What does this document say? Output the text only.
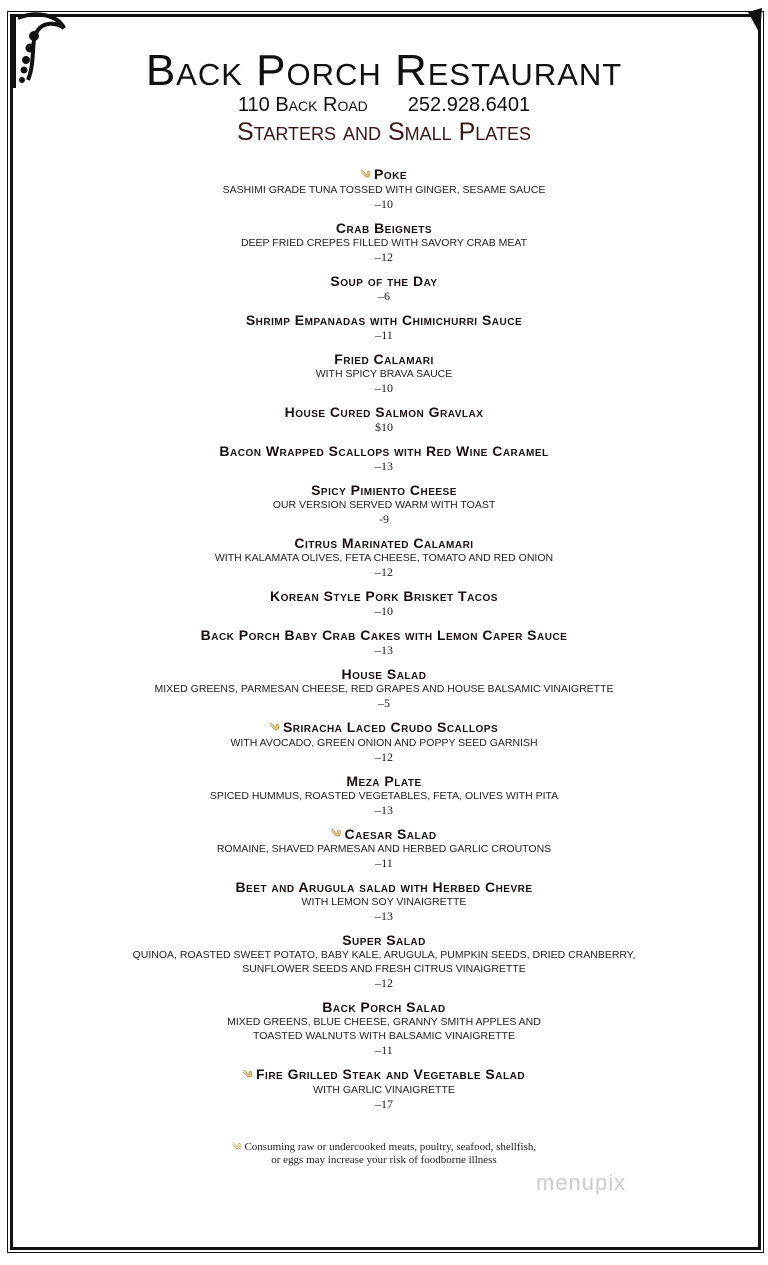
Back Porch Restaurant
110 Back Road 252.928.6401
Starters and Small Plates
༄ Poke
SASHIMI GRADE TUNA TOSSED WITH GINGER, SESAME SAUCE
–10
Crab Beignets
DEEP FRIED CREPES FILLED WITH SAVORY CRAB MEAT
–12
Soup of the Day
–6
Shrimp Empanadas with Chimichurri Sauce
–11
Fried Calamari
WITH SPICY BRAVA SAUCE
–10
House Cured Salmon Gravlax
$10
Bacon Wrapped Scallops with Red Wine Caramel
–13
Spicy Pimiento Cheese
OUR VERSION SERVED WARM WITH TOAST
-9
Citrus Marinated Calamari
WITH KALAMATA OLIVES, FETA CHEESE, TOMATO AND RED ONION
–12
Korean Style Pork Brisket Tacos
–10
Back Porch Baby Crab Cakes with Lemon Caper Sauce
–13
House Salad
MIXED GREENS, PARMESAN CHEESE, RED GRAPES AND HOUSE BALSAMIC VINAIGRETTE
–5
༄ Sriracha Laced Crudo Scallops
WITH AVOCADO, GREEN ONION AND POPPY SEED GARNISH
–12
Meza Plate
SPICED HUMMUS, ROASTED VEGETABLES, FETA, OLIVES WITH PITA
–13
༄ Caesar Salad
ROMAINE, SHAVED PARMESAN AND HERBED GARLIC CROUTONS
–11
Beet and Arugula salad with Herbed Chevre
WITH LEMON SOY VINAIGRETTE
–13
Super Salad
QUINOA, ROASTED SWEET POTATO, BABY KALE, ARUGULA, PUMPKIN SEEDS, DRIED CRANBERRY,
SUNFLOWER SEEDS AND FRESH CITRUS VINAIGRETTE
–12
Back Porch Salad
MIXED GREENS, BLUE CHEESE, GRANNY SMITH APPLES AND
TOASTED WALNUTS WITH BALSAMIC VINAIGRETTE
–11
༄ Fire Grilled Steak and Vegetable Salad
WITH GARLIC VINAIGRETTE
–17
༄ Consuming raw or undercooked meats, poultry, seafood, shellfish,
or eggs may increase your risk of foodborne illness
menupix
